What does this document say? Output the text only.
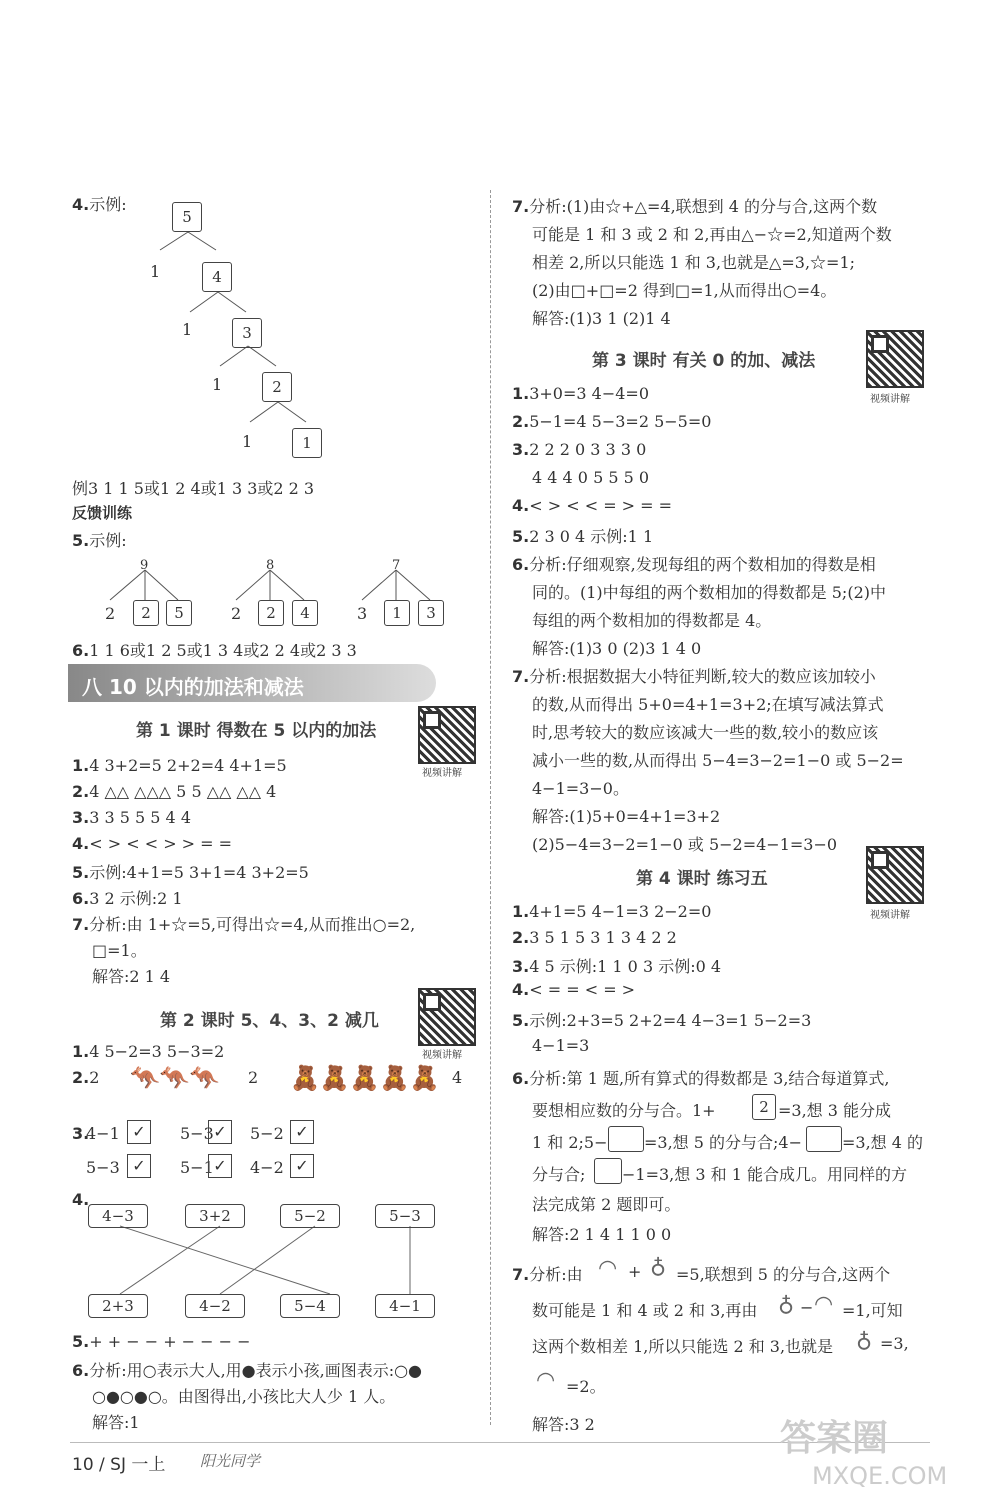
4.示例:
5
1	4
1	3
1	2
1	1
例3 1 1 5或1 2 4或1 3 3或2 2 3
反馈训练
5.示例:
9
2	2	5
8
2	2	4
7
3	1	3
6.1 1 6或1 2 5或1 3 4或2 2 4或2 3 3
八 10 以内的加法和减法
第 1 课时 得数在 5 以内的加法
视频讲解
1.4 3+2=5 2+2=4 4+1=5
2.4 △△ △△△ 5 5 △△ △△ 4
3.3 3 5 5 5 4 4
4.< > < < > > = =
5.示例:4+1=5 3+1=4 3+2=5
6.3 2 示例:2 1
7.分析:由 1+☆=5,可得出☆=4,从而推出○=2,
□=1。
解答:2 1 4
第 2 课时 5、4、3、2 减几
视频讲解
1.4 5−2=3 5−3=2
2.2 🦘🦘🦘 2 🧸🧸🧸🧸🧸 4
3.
4−1 ✓	5−3 ✓	5−2 ✓
5−3 ✓	5−1 ✓	4−2 ✓
4.
4−3	3+2	5−2	5−3
2+3	4−2	5−4	4−1
5.+ + − − + − − − −
6.分析:用○表示大人,用●表示小孩,画图表示:○●
○●○●○。由图得出,小孩比大人少 1 人。
解答:1
7.分析:(1)由☆+△=4,联想到 4 的分与合,这两个数
可能是 1 和 3 或 2 和 2,再由△−☆=2,知道两个数
相差 2,所以只能选 1 和 3,也就是△=3,☆=1;
(2)由□+□=2 得到□=1,从而得出○=4。
解答:(1)3 1 (2)1 4
第 3 课时 有关 0 的加、减法
视频讲解
1.3+0=3 4−4=0
2.5−1=4 5−3=2 5−5=0
3.2 2 2 0 3 3 3 0
4 4 4 0 5 5 5 0
4.< > < < = > = =
5.2 3 0 4 示例:1 1
6.分析:仔细观察,发现每组的两个数相加的得数是相
同的。(1)中每组的两个数相加的得数都是 5;(2)中
每组的两个数相加的得数都是 4。
解答:(1)3 0 (2)3 1 4 0
7.分析:根据数据大小特征判断,较大的数应该加较小
的数,从而得出 5+0=4+1=3+2;在填写减法算式
时,思考较大的数应该减大一些的数,较小的数应该
减小一些的数,从而得出 5−4=3−2=1−0 或 5−2=
4−1=3−0。
解答:(1)5+0=4+1=3+2
(2)5−4=3−2=1−0 或 5−2=4−1=3−0
第 4 课时 练习五
视频讲解
1.4+1=5 4−1=3 2−2=0
2.3 5 1 5 3 1 3 4 2 2
3.4 5 示例:1 1 0 3 示例:0 4
4.< = = < = >
5.示例:2+3=5 2+2=4 4−3=1 5−2=3
4−1=3
6.分析:第 1 题,所有算式的得数都是 3,结合每道算式,
要想相应数的分与合。1+	2 =3,想 3 能分成
1 和 2;5− =3,想 5 的分与合;4− =3,想 4 的
分与合; −1=3,想 3 和 1 能合成几。用同样的方
法完成第 2 题即可。
解答:2 1 4 1 1 0 0
7.分析:由 ◠ + ♁ =5,联想到 5 的分与合,这两个
数可能是 1 和 4 或 2 和 3,再由 ♁ − ◠ =1,可知
这两个数相差 1,所以只能选 2 和 3,也就是 ♁ =3,
◠ =2。
解答:3 2
10 / SJ 一上 阳光同学
答案圈
MXQE.COM
